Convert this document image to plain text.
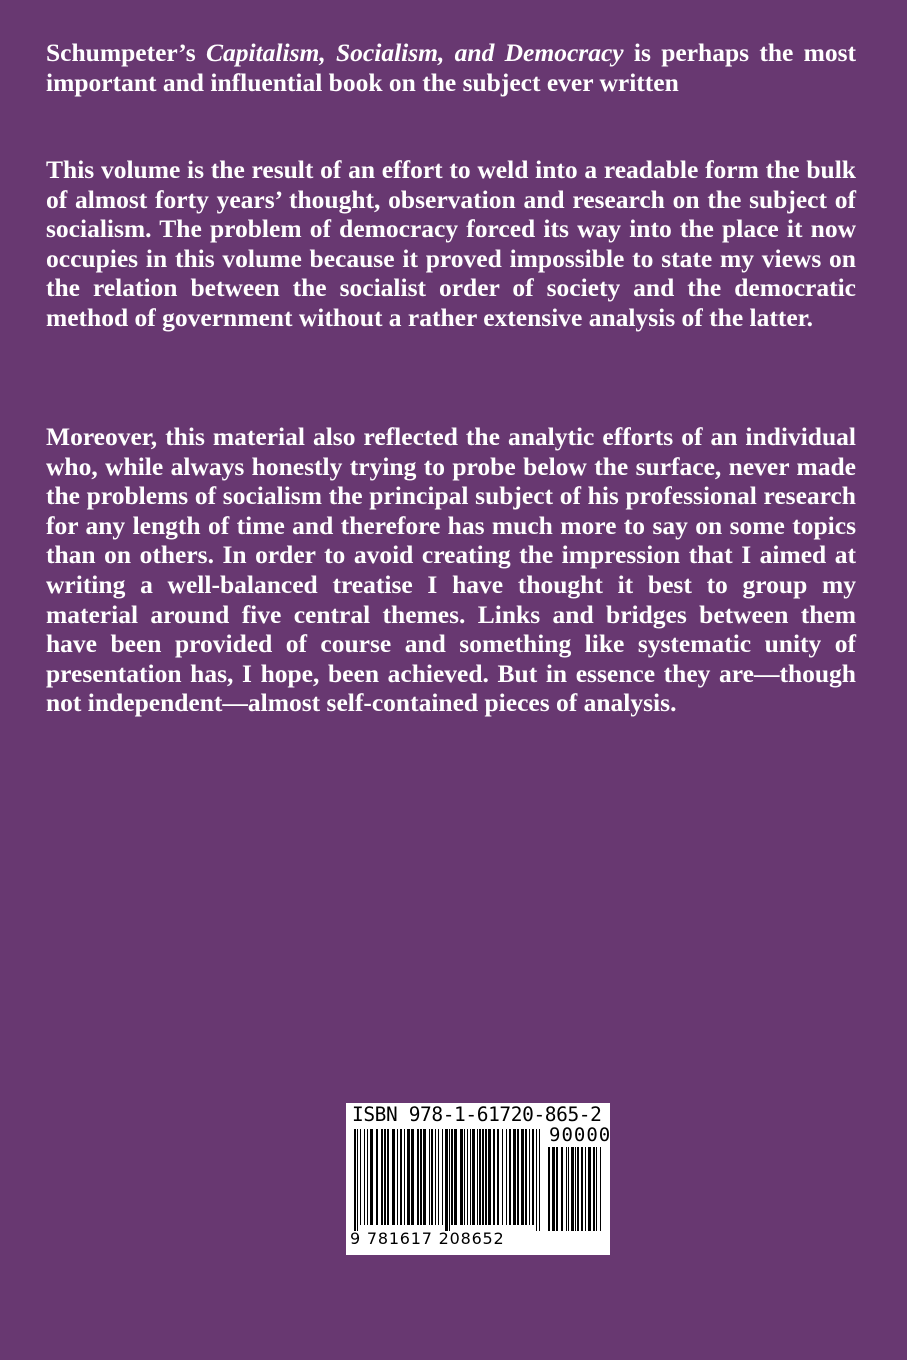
Schumpeter’s Capitalism, Socialism, and Democracy is perhaps the most important and influential book on the subject ever written

This volume is the result of an effort to weld into a readable form the bulk of almost forty years’ thought, observation and research on the subject of socialism. The problem of democracy forced its way into the place it now occupies in this volume because it proved impossible to state my views on the relation between the socialist order of society and the democratic method of government without a rather extensive analysis of the latter.

Moreover, this material also reflected the analytic efforts of an individual who, while always honestly trying to probe below the surface, never made the problems of socialism the principal subject of his professional research for any length of time and therefore has much more to say on some topics than on others. In order to avoid creating the impression that I aimed at writing a well-balanced treatise I have thought it best to group my material around five central themes. Links and bridges between them have been provided of course and something like systematic unity of presentation has, I hope, been achieved. But in essence they are—though not independent—almost self-contained pieces of analysis.

ISBN 978-1-61720-865-2
90000
9 781617 208652
